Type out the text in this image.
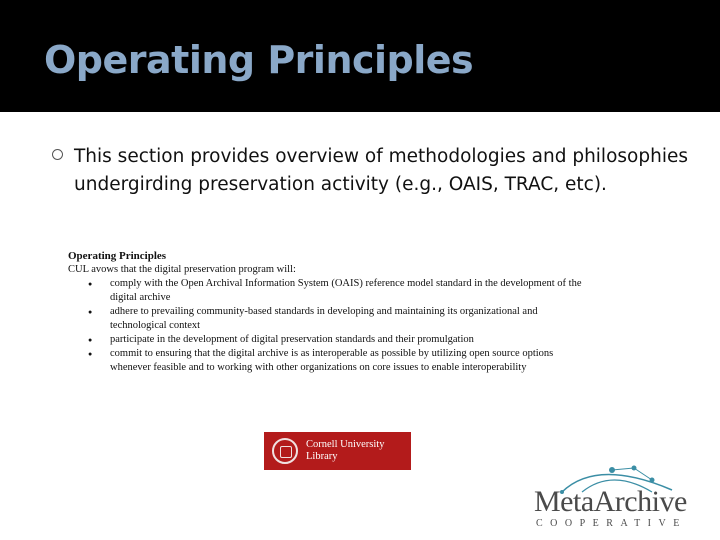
Operating Principles
This section provides overview of methodologies and philosophies undergirding preservation activity (e.g., OAIS, TRAC, etc).
Operating Principles
CUL avows that the digital preservation program will:
● comply with the Open Archival Information System (OAIS) reference model standard in the development of the digital archive
● adhere to prevailing community-based standards in developing and maintaining its organizational and technological context
● participate in the development of digital preservation standards and their promulgation
● commit to ensuring that the digital archive is as interoperable as possible by utilizing open source options whenever feasible and to working with other organizations on core issues to enable interoperability
Cornell University
Library
MetaArchive
COOPERATIVE
